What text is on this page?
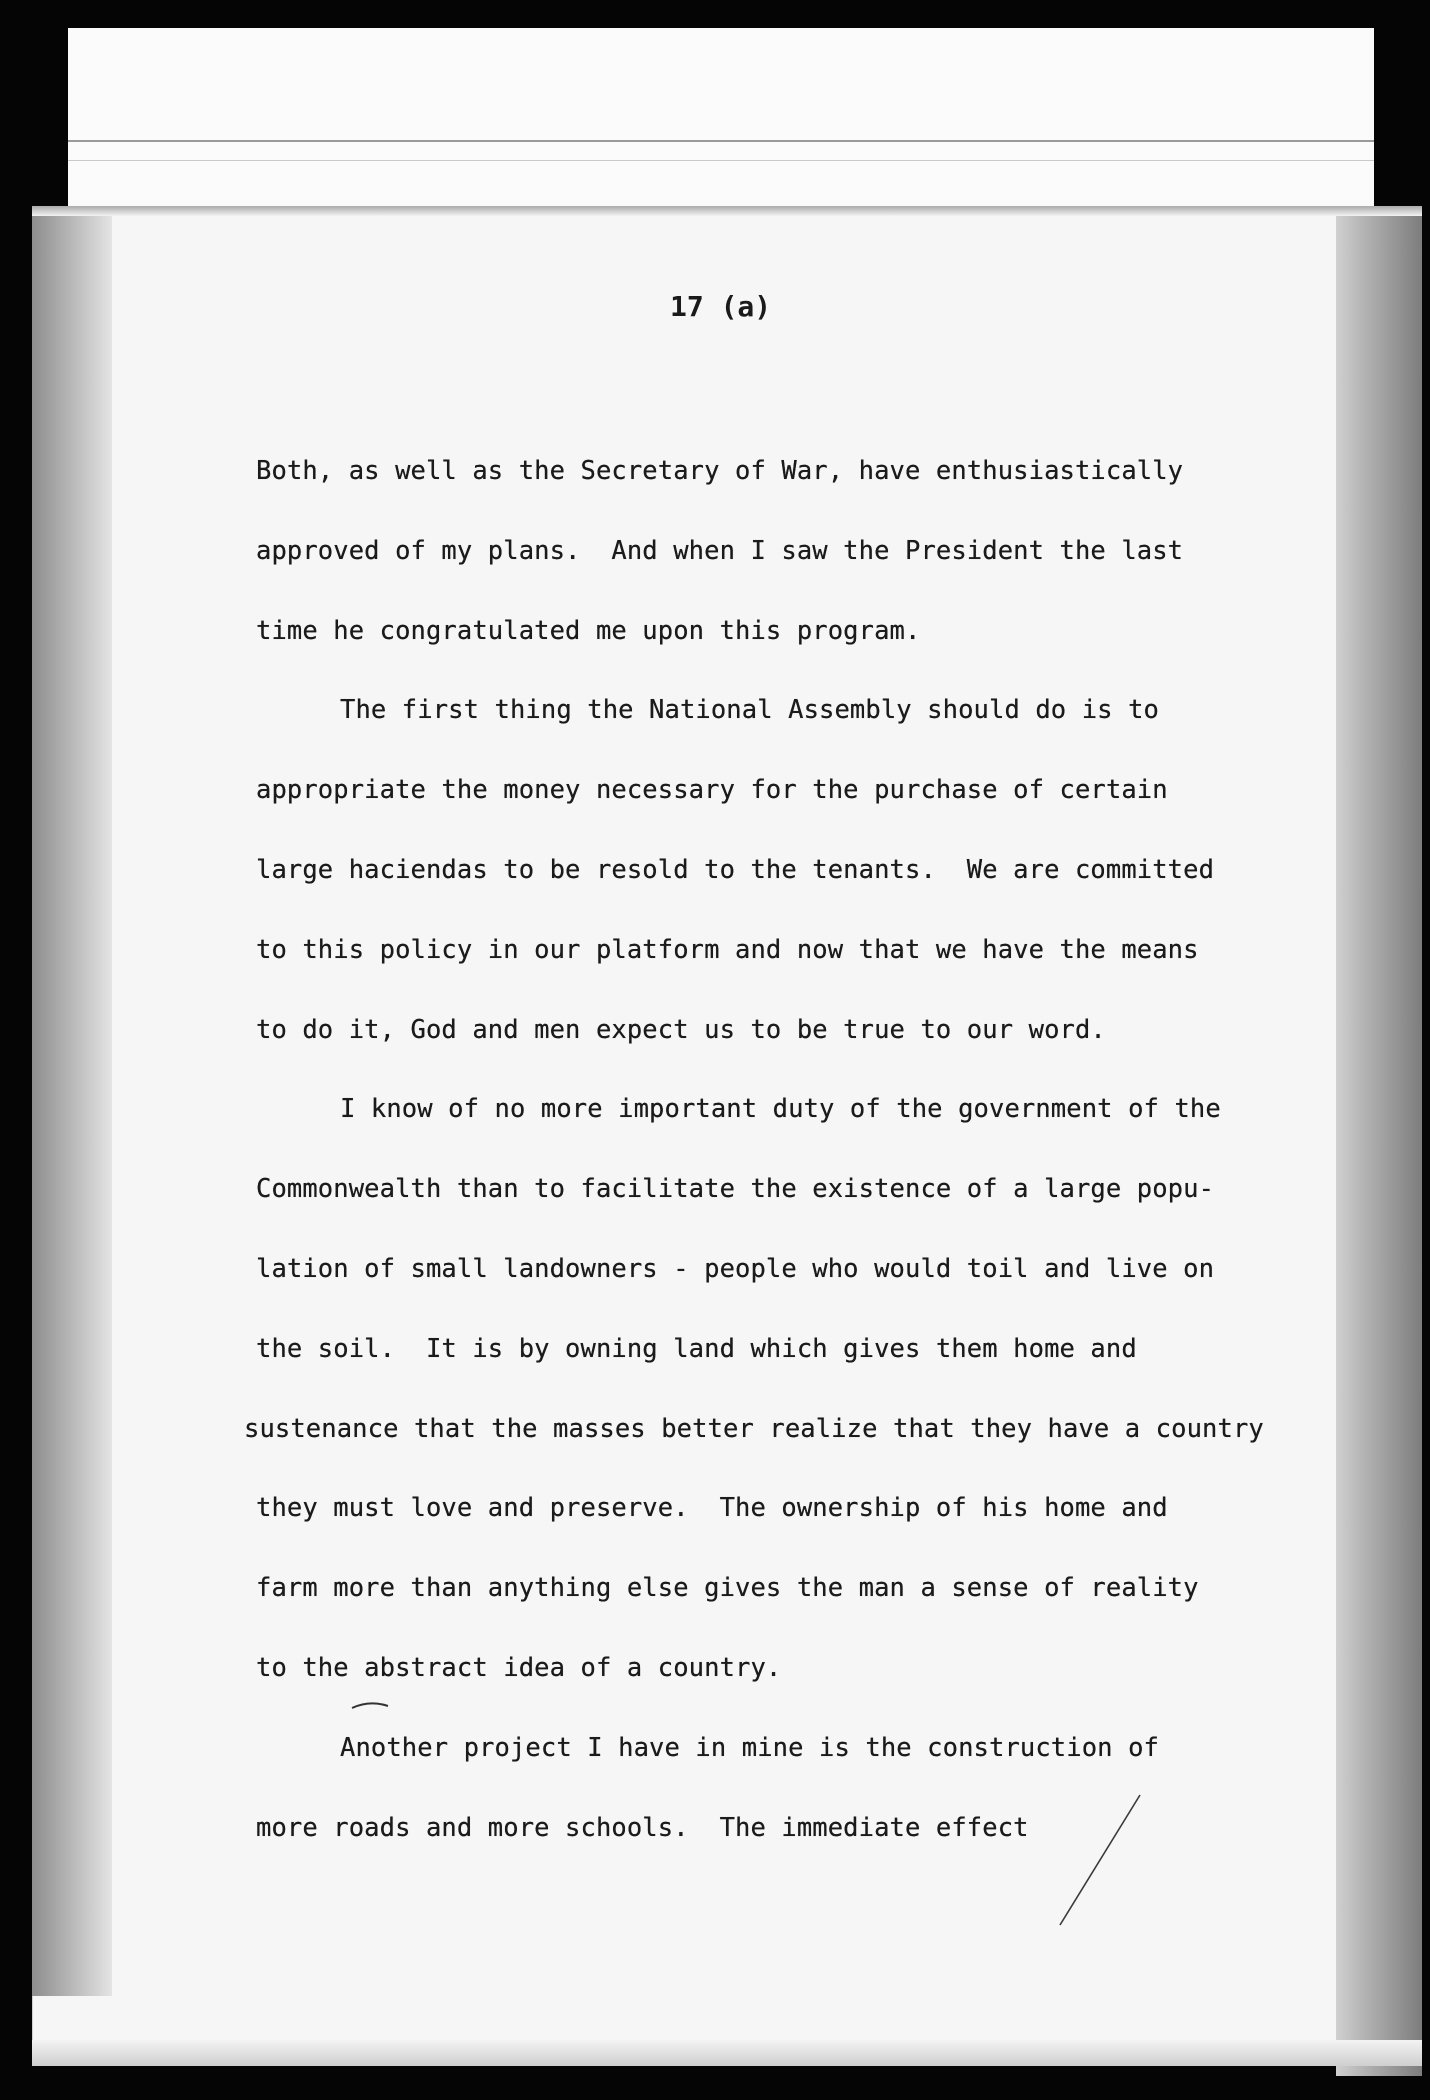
17 (a)
Both, as well as the Secretary of War, have enthusiastically
approved of my plans.  And when I saw the President the last
time he congratulated me upon this program.
The first thing the National Assembly should do is to
appropriate the money necessary for the purchase of certain
large haciendas to be resold to the tenants.  We are committed
to this policy in our platform and now that we have the means
to do it, God and men expect us to be true to our word.
I know of no more important duty of the government of the
Commonwealth than to facilitate the existence of a large popu-
lation of small landowners - people who would toil and live on
the soil.  It is by owning land which gives them home and
sustenance that the masses better realize that they have a country
they must love and preserve.  The ownership of his home and
farm more than anything else gives the man a sense of reality
to the abstract idea of a country.
Another project I have in mine is the construction of
more roads and more schools.  The immediate effect
